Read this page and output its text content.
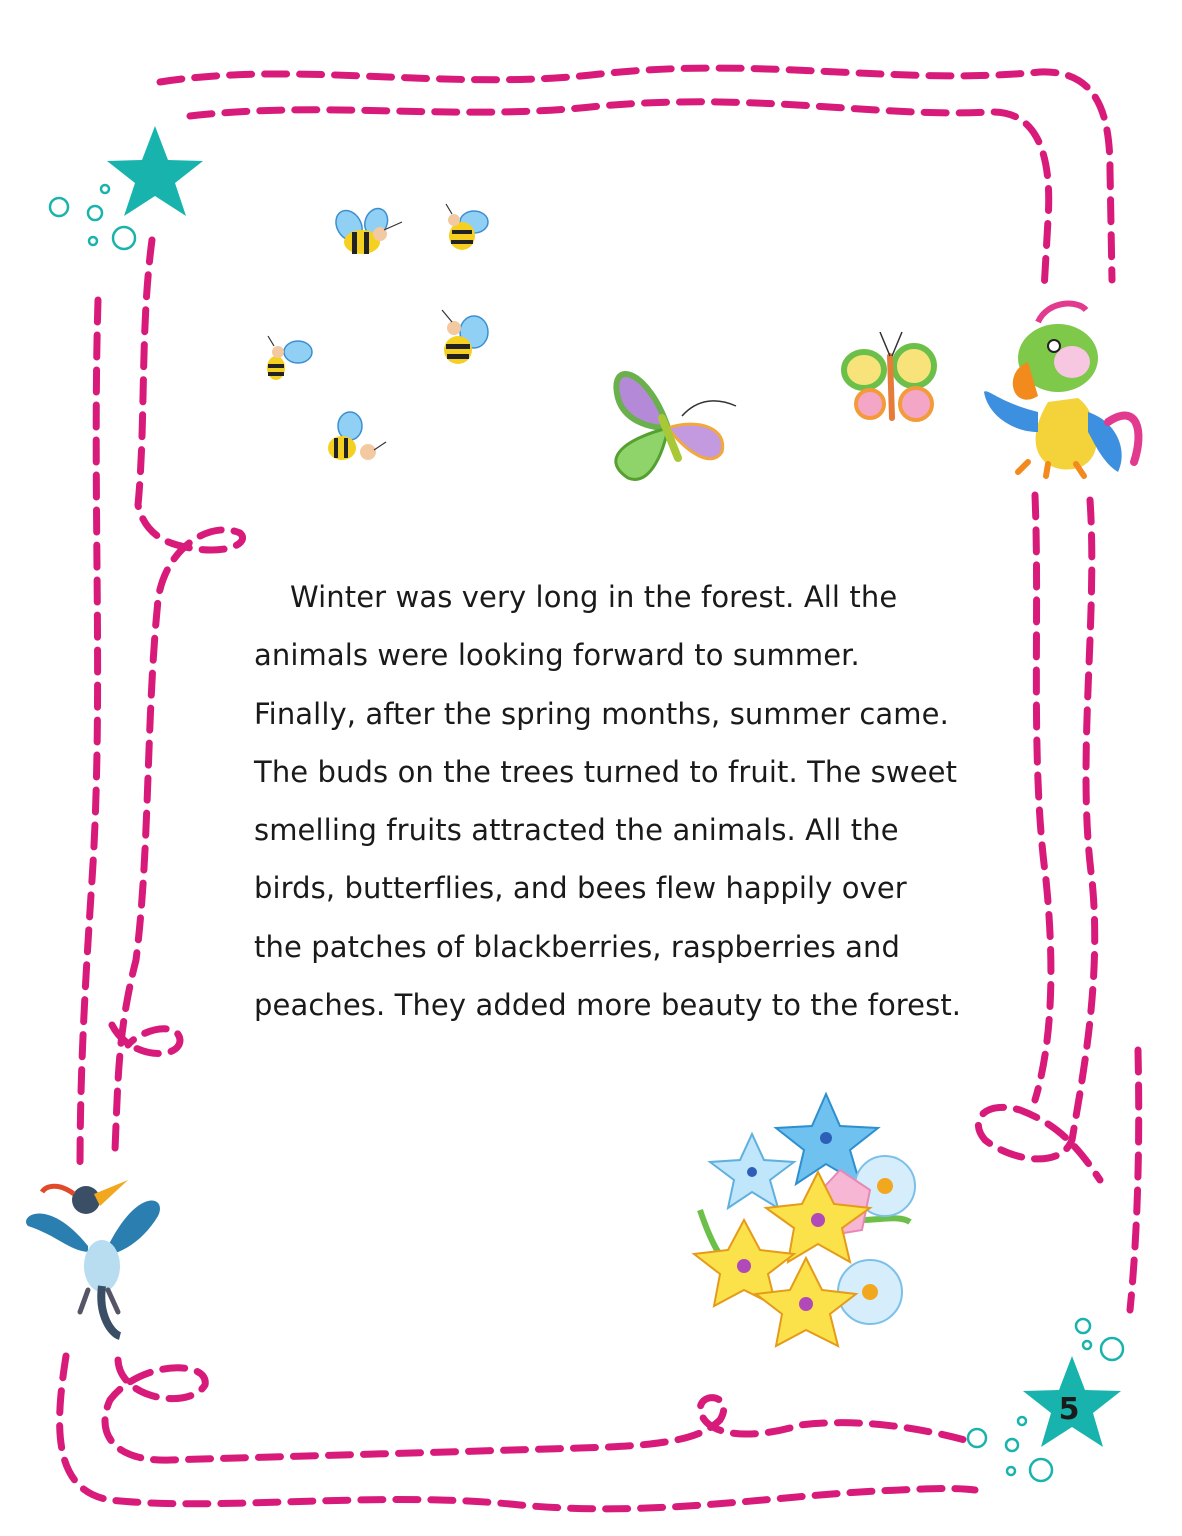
Winter was very long in the forest. All the
animals were looking forward to summer.
Finally, after the spring months, summer came.
The buds on the trees turned to fruit. The sweet
smelling fruits attracted the animals. All the
birds, butterflies, and bees flew happily over
the patches of blackberries, raspberries and
peaches. They added more beauty to the forest.

5
